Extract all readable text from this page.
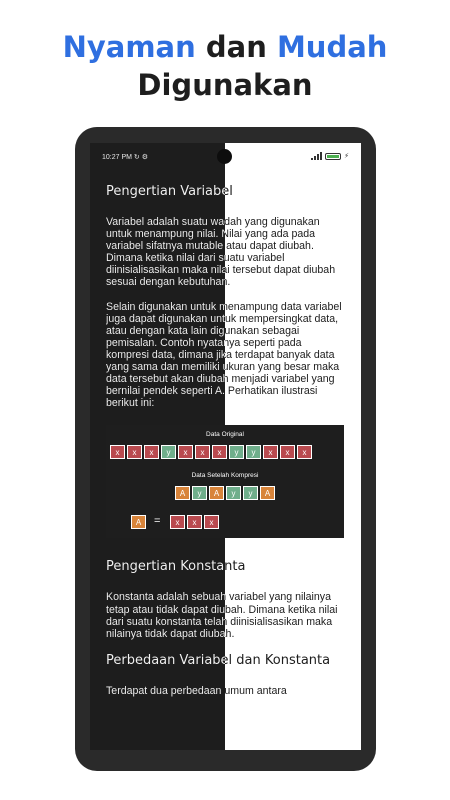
Nyaman dan Mudah
Digunakan
10:27 PM ↻ ⚙	⚡
Pengertian Variabel

Variabel adalah suatu wadah yang digunakan untuk menampung nilai. Nilai yang ada pada variabel sifatnya mutable atau dapat diubah. Dimana ketika nilai dari suatu variabel diinisialisasikan maka nilai tersebut dapat diubah sesuai dengan kebutuhan.

Selain digunakan untuk menampung data variabel juga dapat digunakan untuk mempersingkat data, atau dengan kata lain digunakan sebagai pemisalan. Contoh nyatanya seperti pada kompresi data, dimana jika terdapat banyak data yang sama dan memiliki ukuran yang besar maka data tersebut akan diubah menjadi variabel yang bernilai pendek seperti A. Perhatikan ilustrasi berikut ini:

Data Original
x	x	x	y	x	x	x	y	y	x	x	x
Data Setelah Kompresi
A	y	A	y	y	A
A	=	x	x	x
Pengertian Konstanta

Konstanta adalah sebuah variabel yang nilainya tetap atau tidak dapat diubah. Dimana ketika nilai dari suatu konstanta telah diinisialisasikan maka nilainya tidak dapat diubah.

Perbedaan Variabel dan Konstanta

Terdapat dua perbedaan umum antara
